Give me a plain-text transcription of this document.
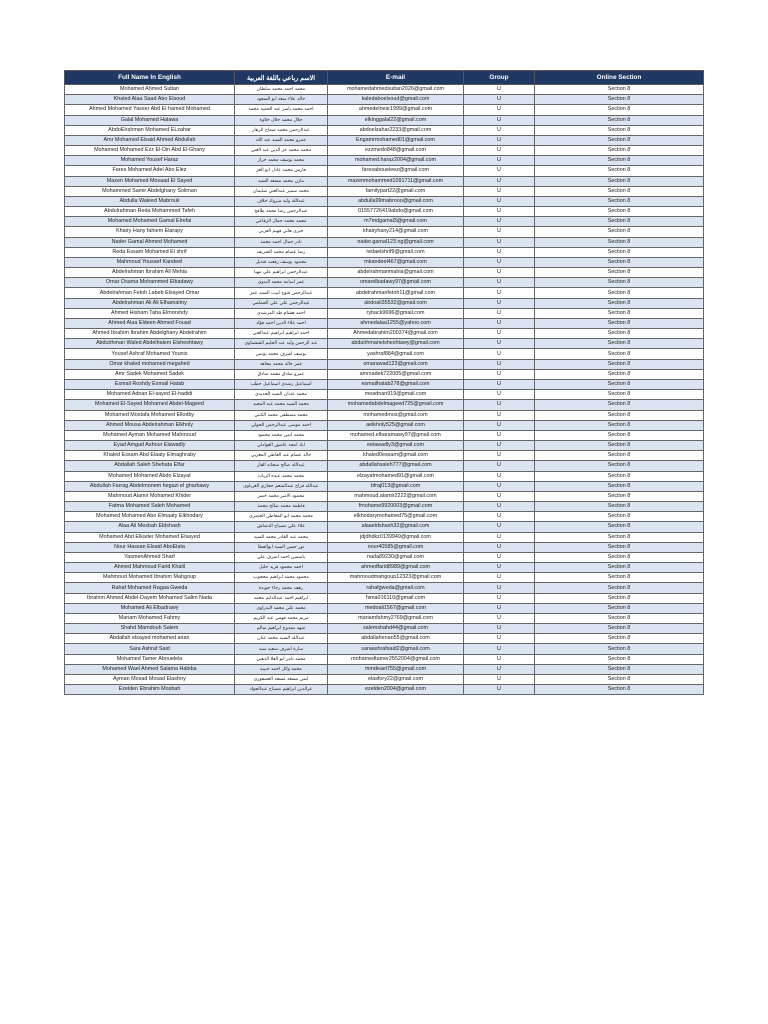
Full Name In English	الاسم رباعي باللغة العربية	E-mail	Group	Online Section
Mohamed Ahmed Sultan	محمد احمد محمد سلطان	mohamedahmedsultan2026@gmail.com	U	Section 8
Khaled Alaa Saad Abo Elsoud	خالد علاء سعد ابو السعود	kaledaboelsoud@gmail.com	U	Section 8
Ahmed Mohamed Yasser Abd El hamed Mohamed	احمد محمد ياسر عبد الحميد محمد	ahmedelnesr1999@gmail.com	U	Section 8
Galal Mohamed Halawa	جلال محمد جلال حلاوة	elkinggalal22@gmail.com	U	Section 8
AbdoElrahman Mohamed ELzahar	عبدالرحمن محمد سماح الزهار	abdoelzahar2233@gmail.com	U	Section 8
Amr Mohamed Elsaid Ahmed Abdullah	عمرو محمد السيد عبد الله	Engamrmohamed01@gmail.com	U	Section 8
Mohamed Mohamed Ezz El-Din Abd El-Ghany	محمد محمد عز الدين عبد الغني	ezzmedo848@gmail.com	U	Section 8
Mohamed Yousef Haraz	محمد يوسف محمد حراز	mohamed.haraz2004@gmail.com	U	Section 8
Fares Mohamed Adel Abo Elez	فارس محمد عادل ابو العز	faresaboueleez@gmail.com	U	Section 8
Mazen Mohamed Mosaad El Sayed	مازن محمد مسعد السيد	mazenmohammed1091711@gmail.com	U	Section 8
Mohammed Samir Abdelghany Soliman	محمد سمير عبدالغني سليمان	familypart22@gmail.com	U	Section 8
Abdulla Waleed Mabrouk	عبدالله وليد مبروك خلاف	abdulla99mabrooo@gmail.com	U	Section 8
Abdulrahman Reda Mohammed Tafeh	عبدالرحمن رضا محمد طافح	01557726419abdo@gmail.com	U	Section 8
Mohamed Mohamed Gamal Elrefai	محمد محمد جمال الرفاعي	m7mdgamal3@gmail.com	U	Section 8
Khairy Hany fahiem Elarapy	خيري هاني فهيم العربي	khairyhany214@gmail.com	U	Section 8
Nader Gamal Ahmed Mohamed	نادر جمال احمد محمد	nader.gamal123.ng@gmail.com	U	Section 8
Reda Essam Mohamed El shrif	رضا عصام محمد الشريف	redaelshrif9@gmail.com	U	Section 8
Mahmoud Youssef Kandeel	محمود يوسف رفعت قنديل	mkandeel467@gmail.com	U	Section 8
Abdelrahman Ibrahim Ali Mehia	عبدالرحمن ابراهيم علي مهيا	abdelrahmanmahia@gmail.com	U	Section 8
Omar Osama Mohammed Elbadawy	عمر اسامة محمد البدوي	omarelbadawy97@gmail.com	U	Section 8
Abdelrahman Fetoh Labeb Elsayed Omar	عبدالرحمن فتوح لبيب السيد عمر	abdelrahmanfetoh11@gmail.com	U	Section 8
Abdelrahman Ali Ali Elhamalmy	عبدالرحمن علي علي الحملمي	abdoali35532@gmail.com	U	Section 8
Ahmed Hisham Taha Elmorshdy	احمد هشام طه المرشدي	ryback9696@gmail.com	U	Section 8
Ahmed Alaa Eldeen Ahmed Fouad	احمد علاء الدين احمد فؤاد	ahmedalaa1255@yahoo.com	U	Section 8
Ahmed Ibrahim Ibrahim Abdelghany Abdelrahim	احمد ابراهيم ابراهيم عبدالغني	Ahmedabrahim200374@gmail.com	U	Section 8
Abdulrhman Waled Abdelhalem Elsheshtawy	عبد الرحمن وليد عبد الحليم الششتاوي	abdulrhmanelsheshtawy@gmail.com	U	Section 8
Yousef Ashraf Mohamed Younis	يوسف اشرف محمد يونس	yashraf884@gmail.com	U	Section 8
Omar khaled mohamed megahed	عمر خالد محمد مجاهد	omarawad123@gmail.com	U	Section 8
Amr Sadek Mohamed Sadek	عمرو صادق محمد صادق	amrsadek722005@gmail.com	U	Section 8
Esmail Roshdy Esmail Hatab	اسماعيل رشدي اسماعيل حطب	esmailhatab278@gmail.com	U	Section 8
Mohamed Adnan El-sayed El-hadidi	محمد عدنان السيد الحديدي	moadnan919@gmail.com	U	Section 8
Mohamed El-Sayed Mohamed Abdel-Mageed	محمد السيد محمد عبد المجيد	mohamedabdelmageed725@gmail.com	U	Section 8
Mohamed Mostafa Mohamed Elkotby	محمد مصطفى محمد الكتبي	mohamedmos@gmail.com	U	Section 8
Ahmed Mousa Abdelrahman Elkholy	احمد موسى عبدالرحمن الخولي	aelkholy525@gmail.com	U	Section 8
Mohamed Ayman Mohamed Mahmoud	محمد ايمن محمد محمود	mohamed.elbaramawy97@gmail.com	U	Section 8
Eyad Amgad Ashour Elawadly	اياد امجد عاشور العوادلي	eelawadly3@gmail.com	U	Section 8
Khaled Essam Abd Elaaty Elmaghraby	خالد عصام عبد العاطي المغربي	khaled0essam@gmail.com	U	Section 8
Abdallah Saleh Shehata Elfar	عبدالله صالح شحاته الفار	abdallahsaleh777@gmail.com	U	Section 8
Mohamed Mohamed Abdo Elzayat	محمد محمد عبده الزيات	elzayatmohamed91@gmail.com	U	Section 8
Abdullah Farrag Abdelmonem hegazi el gharbawy	عبدالله فراج عبدالمنعم حجازي الغرباوي	bfraj013@gmail.com	U	Section 8
Mahmoud Alamir Mohamed Khider	محمود الامير محمد خضر	mahmoud.alamir2222@gmail.com	U	Section 8
Fatma Mohamed Saleh Mohamed	فاطمة محمد صالح محمد	fmohame9920003@gmail.com	U	Section 8
Mohamed Mohamed Abo Elmaaty Elkhodary	محمد محمد ابو المعاطي الخضري	elkhodarymohamed75@gmail.com	U	Section 8
Alaa Ali Mesbah Eldshash	علاء علي مصباح الدشاش	alaaeldshash32@gmail.com	U	Section 8
Mohamed Abd Elkader Mohamed Elsayed	محمد عبد القادر محمد السيد	jdjdhdkz0139949@gmail.com	U	Section 8
Nour Hassan Elsaid AboElata	نور حسن السيد ابوالعطا	nour40585@gmail.com	U	Section 8
YasmenAhmed Sharf	ياسمين احمد اشرف علي	nada89230@gmail.com	U	Section 8
Ahmed Mahmoud Farid Khalil	احمد محمود فريد خليل	ahmedfarid8989@gmail.com	U	Section 8
Mahmoud Mohamed Ibrahim Mahgoup	محمود محمد ابراهيم محجوب	mahmoudmahgoup12323@gmail.com	U	Section 8
Rahaf Mohamed Ragaa Gweda	رهف محمد رجاء جويدة	rahafgweda@gmail.com	U	Section 8
Ibrahim Ahmed Abdel-Dayem Mohamed Salim Nada	ابراهيم احمد عبدالدايم محمد	hima016110@gmail.com	U	Section 8
Mohamed Ali Elbadrawy	محمد علي محمد البدراوي	medoali1567@gmail.com	U	Section 8
Mariam Mohamed Fahmy	مريم محمد فهمي عبد الكريم	mariamfahmy2769@gmail.com	U	Section 8
Shahd Mamdouh Salem	شهد ممدوح ابراهيم سالم	salemshahd44@gmail.com	U	Section 8
Abdallah elsayed mohamed anan	عبدالله السيد محمد عنان	abdallahenan55@gmail.com	U	Section 8
Sara Ashraf Said	سارة اشرف سعيد سيد	saraashrafsaid2@gmail.com	U	Section 8
Mohamed Tamer Abouelela	محمد تامر ابو العلا الذهبي	mohamedtamer2552004@gmail.com	U	Section 8
Mohamed Wael Ahmed Salama Habiba	محمد وائل احمد حبيبه	mmdeael755@gmail.com	U	Section 8
Ayman Mosad Mosad Elasfory	ايمن مسعد مسعد العصفوري	elasfory22@gmail.com	U	Section 8
Ezelden Ebrahim Mosbah	عزالدين ابراهيم مصباح عبدالجواد	ezelden2004@gmail.com	U	Section 8
